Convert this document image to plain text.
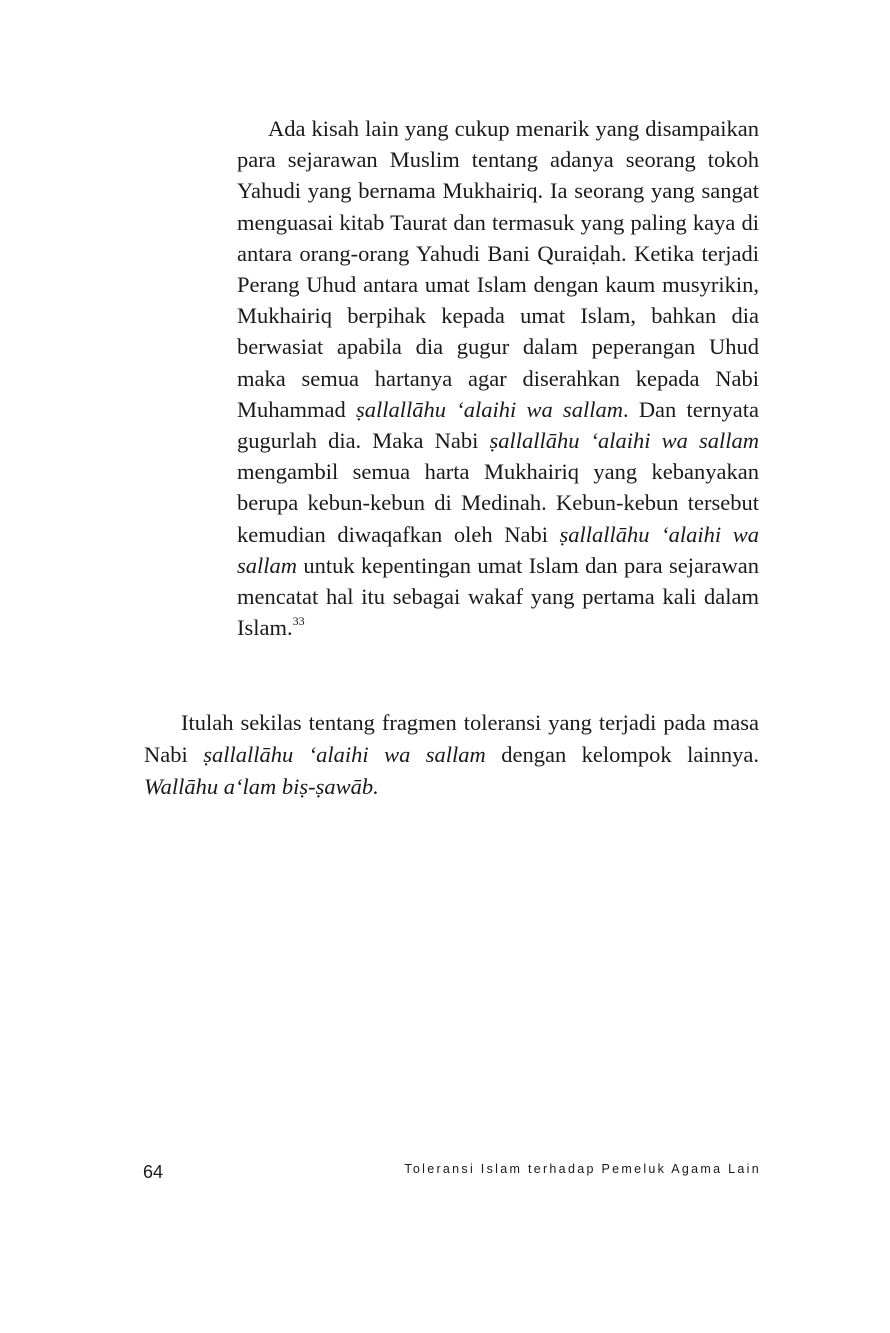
Ada kisah lain yang cukup menarik yang disampaikan para sejarawan Muslim tentang adanya seorang tokoh Yahudi yang bernama Mukhairiq. Ia seorang yang sangat menguasai kitab Taurat dan termasuk yang paling kaya di antara orang-orang Yahudi Bani Quraiḍah. Ketika terjadi Perang Uhud antara umat Islam dengan kaum musyrikin, Mukhairiq berpihak kepada umat Islam, bahkan dia berwasiat apabila dia gugur dalam peperangan Uhud maka semua hartanya agar diserahkan kepada Nabi Muhammad ṣallallāhu ‘alaihi wa sallam. Dan ternyata gugurlah dia. Maka Nabi ṣallallāhu ‘alaihi wa sallam mengambil semua harta Mukhairiq yang kebanyakan berupa kebun-kebun di Medinah. Kebun-kebun tersebut kemudian diwaqafkan oleh Nabi ṣallallāhu ‘alaihi wa sallam untuk kepentingan umat Islam dan para sejarawan mencatat hal itu sebagai wakaf yang pertama kali dalam Islam.$^{33}$

Itulah sekilas tentang fragmen toleransi yang terjadi pada masa Nabi ṣallallāhu ‘alaihi wa sallam dengan kelompok lainnya. Wallāhu a‘lam biṣ-ṣawāb.

64	Toleransi Islam terhadap Pemeluk Agama Lain
